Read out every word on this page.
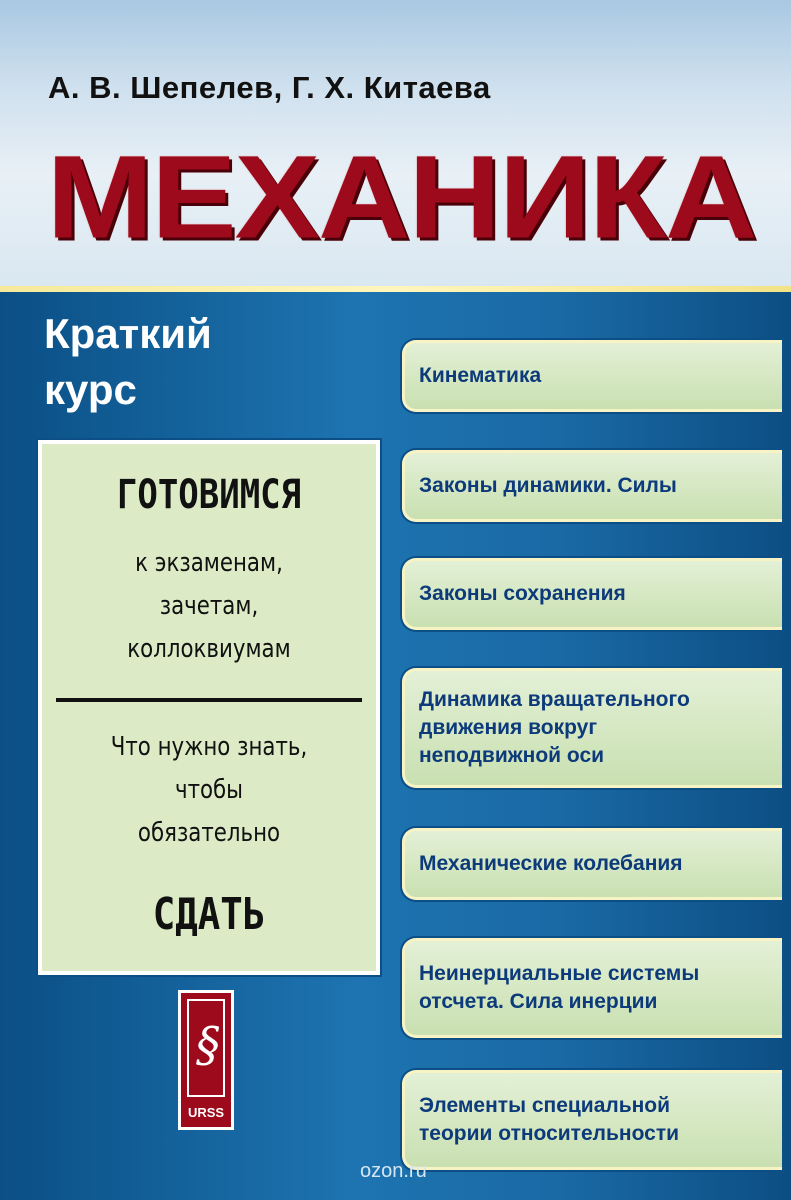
А. В. Шепелев, Г. Х. Китаева

МЕХАНИКА

Краткий
курс

ГОТОВИМСЯ
к экзаменам,
зачетам,
коллоквиумам
Что нужно знать,
чтобы
обязательно
СДАТЬ
Кинематика
Законы динамики. Силы
Законы сохранения
Динамика вращательного
движения вокруг
неподвижной оси
Механические колебания
Неинерциальные системы
отсчета. Сила инерции
Элементы специальной
теории относительности
§
URSS
ozon.ru
